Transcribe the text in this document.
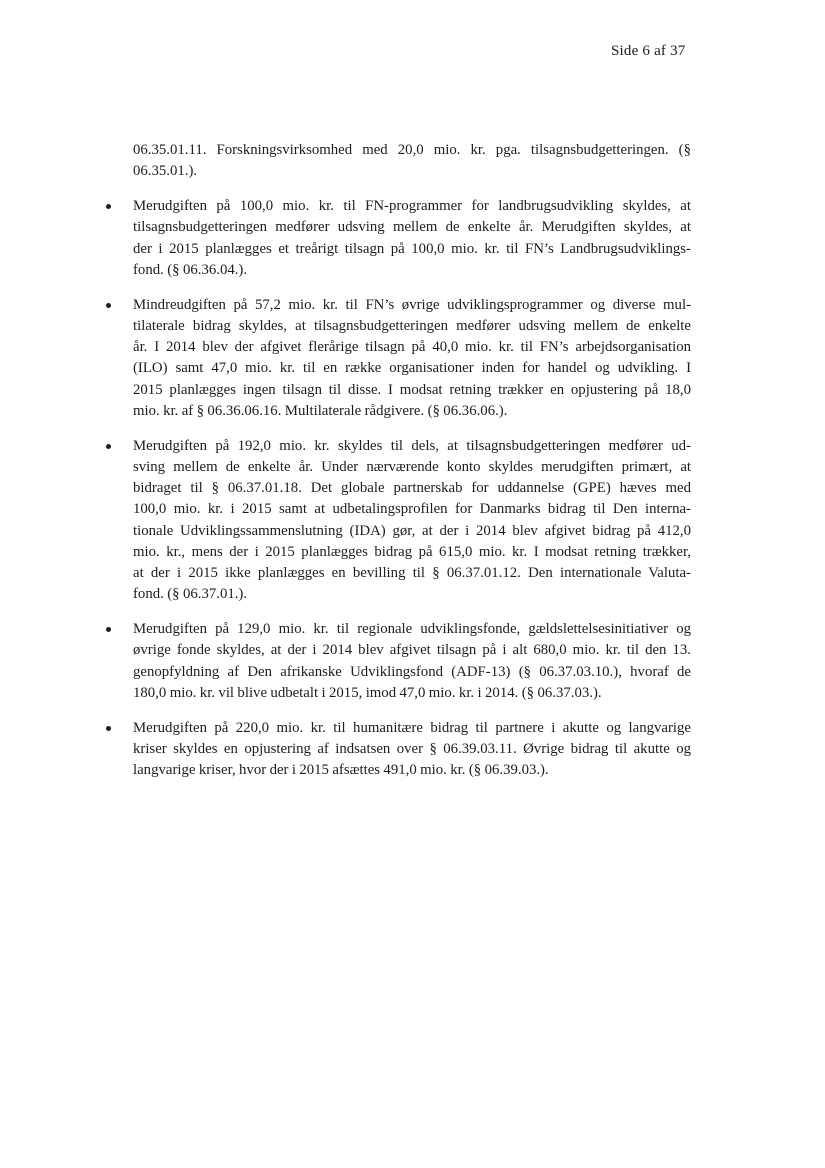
Side 6 af 37
06.35.01.11. Forskningsvirksomhed med 20,0 mio. kr. pga. tilsagnsbudgetteringen. (§
06.35.01.).
Merudgiften på 100,0 mio. kr. til FN-programmer for landbrugsudvikling skyldes, at
tilsagnsbudgetteringen medfører udsving mellem de enkelte år. Merudgiften skyldes, at
der i 2015 planlægges et treårigt tilsagn på 100,0 mio. kr. til FN’s Landbrugsudviklings-
fond. (§ 06.36.04.).
Mindreudgiften på 57,2 mio. kr. til FN’s øvrige udviklingsprogrammer og diverse mul-
tilaterale bidrag skyldes, at tilsagnsbudgetteringen medfører udsving mellem de enkelte
år. I 2014 blev der afgivet flerårige tilsagn på 40,0 mio. kr. til FN’s arbejdsorganisation
(ILO) samt 47,0 mio. kr. til en række organisationer inden for handel og udvikling. I
2015 planlægges ingen tilsagn til disse. I modsat retning trækker en opjustering på 18,0
mio. kr. af § 06.36.06.16. Multilaterale rådgivere. (§ 06.36.06.).
Merudgiften på 192,0 mio. kr. skyldes til dels, at tilsagnsbudgetteringen medfører ud-
sving mellem de enkelte år. Under nærværende konto skyldes merudgiften primært, at
bidraget til § 06.37.01.18. Det globale partnerskab for uddannelse (GPE) hæves med
100,0 mio. kr. i 2015 samt at udbetalingsprofilen for Danmarks bidrag til Den interna-
tionale Udviklingssammenslutning (IDA) gør, at der i 2014 blev afgivet bidrag på 412,0
mio. kr., mens der i 2015 planlægges bidrag på 615,0 mio. kr. I modsat retning trækker,
at der i 2015 ikke planlægges en bevilling til § 06.37.01.12. Den internationale Valuta-
fond. (§ 06.37.01.).
Merudgiften på 129,0 mio. kr. til regionale udviklingsfonde, gældslettelsesinitiativer og
øvrige fonde skyldes, at der i 2014 blev afgivet tilsagn på i alt 680,0 mio. kr. til den 13.
genopfyldning af Den afrikanske Udviklingsfond (ADF-13) (§ 06.37.03.10.), hvoraf de
180,0 mio. kr. vil blive udbetalt i 2015, imod 47,0 mio. kr. i 2014. (§ 06.37.03.).
Merudgiften på 220,0 mio. kr. til humanitære bidrag til partnere i akutte og langvarige
kriser skyldes en opjustering af indsatsen over § 06.39.03.11. Øvrige bidrag til akutte og
langvarige kriser, hvor der i 2015 afsættes 491,0 mio. kr. (§ 06.39.03.).
